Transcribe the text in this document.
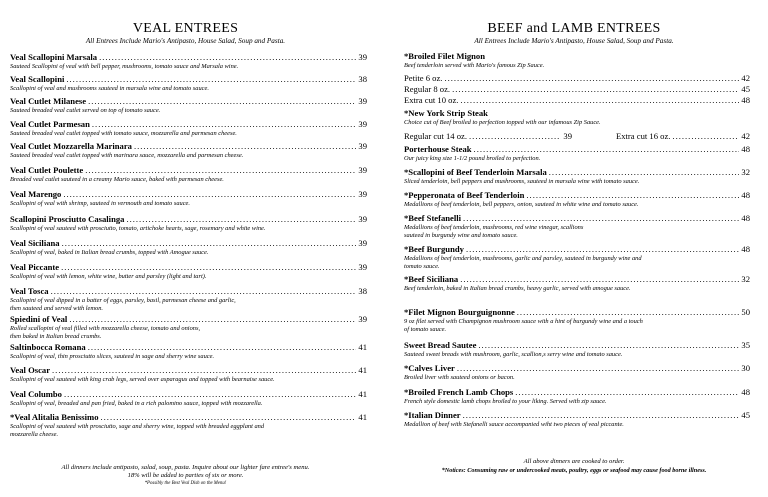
VEAL ENTREES
All Entrees Include Mario's Antipasto, House Salad, Soup and Pasta.
Veal Scallopini Marsala .....	39
Sauteed Scallopini of veal with bell pepper, mushrooms, tomato sauce and Marsala wine.
Veal Scallopini .....	38
Scallopini of veal and mushrooms sauteed in marsala wine and tomato sauce.
Veal Cutlet Milanese .....	39
Sauteed breaded veal cutlet served on top of tomato sauce.
Veal Cutlet Parmesan .....	39
Sauteed breaded veal cutlet topped with tomato sauce, mozzarella and parmesan cheese.
Veal Cutlet Mozzarella Marinara .....	39
Sauteed breaded veal cutlet topped with marinara sauce, mozzarella and parmesan cheese.
Veal Cutlet Poulette .....	39
Breaded veal cutlet sauteed in a creamy Mario sauce, baked with parmesan cheese.
Veal Marengo .....	39
Scallopini of veal with shrimp, sauteed in vermouth and tomato sauce.
Scallopini Prosciutto Casalinga .....	39
Scallopini of veal sauteed with prosciutto, tomato, artichoke hearts, sage, rosemary and white wine.
Veal Siciliana .....	39
Scallopini of veal, baked in Italian bread crumbs, topped with Amogue sauce.
Veal Piccante .....	39
Scallopini of veal with lemon, white wine, butter and parsley (light and tart).
Veal Tosca .....	38
Scallopini of veal dipped in a batter of eggs, parsley, basil, parmesan cheese and garlic,
then sauteed and served with lemon.
Spiedini of Veal .....	39
Rolled scallopini of veal filled with mozzarella cheese, tomato and onions,
then baked in Italian bread crumbs.
Saltinbocca Romana .....	41
Scallopini of veal, thin prosciutto slices, sauteed in sage and sherry wine sauce.
Veal Oscar .....	41
Scallopini of veal sauteed with king crab legs, served over asparagus and topped with bearnaise sauce.
Veal Columbo .....	41
Scallopini of veal, breaded and pan fried, baked in a rich palomino sauce, topped with mozzarella.
*Veal Alitalia Benissimo .....	41
Scallopini of veal sauteed with prosciutto, sage and sherry wine, topped with breaded eggplant and
mozzarella cheese.
All dinners include antipasto, salad, soup, pasta. Inquire about our lighter fare entree's menu.
18% will be added to parties of six or more.
*Possibly the Best Veal Dish on the Menu!
BEEF and LAMB ENTREES
All Entrees Include Mario's Antipasto, House Salad, Soup and Pasta.
*Broiled Filet Mignon
Beef tenderloin served with Mario's famous Zip Sauce.
Petite 6 oz. .....	42
Regular 8 oz. .....	45
Extra cut 10 oz. .....	48
*New York Strip Steak
Choice cut of Beef broiled to perfection topped with our infamous Zip Sauce.
Regular cut 14 oz. .....	39	Extra cut 16 oz. .....	42
Porterhouse Steak .....	48
Our juicy king size 1-1/2 pound broiled to perfection.
*Scallopini of Beef Tenderloin Marsala .....	32
Sliced tenderloin, bell peppers and mushrooms, sauteed in marsala wine with tomato sauce.
*Pepperonata of Beef Tenderloin .....	48
Medallions of beef tenderloin, bell peppers, onion, sauteed in white wine and tomato sauce.
*Beef Stefanelli .....	48
Medallions of beef tenderloin, mushrooms, red wine vinegar, scallions
sauteed in burgundy wine and tomato sauce.
*Beef Burgundy .....	48
Medallions of beef tenderloin, mushrooms, garlic and parsley, sauteed in burgundy wine and
tomato sauce.
*Beef Siciliana .....	32
Beef tenderloin, baked in Italian bread crumbs, heavy garlic, served with amogue sauce.
*Filet Mignon Bourguignonne .....	50
9 oz filet served with Champignon mushroom sauce with a hint of burgundy wine and a touch
of tomato sauce.
Sweet Bread Sautee .....	35
Sauteed sweet breads with mushroom, garlic, scallion,s serry wine and tomato sauce.
*Calves Liver .....	30
Broiled liver with sauteed onions or bacon.
*Broiled French Lamb Chops .....	48
French style domestic lamb chops broiled to your liking. Served with zip sauce.
*Italian Dinner .....	45
Medallion of beef with Stefanelli sauce accompanied wiht two pieces of veal piccante.
All above dinners are cooked to order.
*Notices: Consuming raw or undercooked meats, poultry, eggs or seafood may cause food borne illness.
